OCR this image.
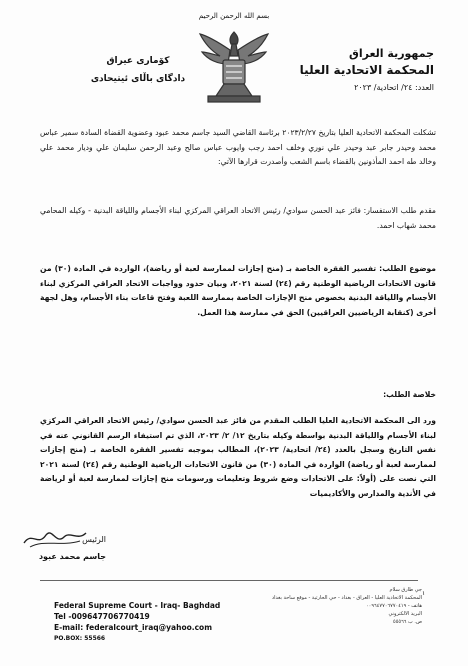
بسم الله الرحمن الرحيم
جمهورية العراق
المحكمة الاتحادية العليا
العدد: ٢٤/ اتحادية/ ٢٠٢٣
كۆماری عیراق
دادگای باڵای ئیتیحادی
تشكلت المحكمة الاتحادية العليا بتاريخ ٢٠٢٣/٢/٢٧ برئاسة القاضي السيد جاسم محمد عبود وعضوية القضاة السادة سمير عباس محمد وحيدر جابر عبد وحيدر علي نوري وخلف احمد رجب وايوب عباس صالح وعبد الرحمن سليمان علي وديار محمد علي وخالد طه احمد المأذونين بالقضاء باسم الشعب وأصدرت قرارها الآتي:
مقدم طلب الاستفسار: فائز عبد الحسن سوادي/ رئيس الاتحاد العراقي المركزي لبناء الأجسام واللياقة البدنية - وكيله المحامي محمد شهاب احمد.
موضوع الطلب: تفسير الفقرة الخاصة بـ (منح إجازات لممارسة لعبة أو رياضة)، الواردة في المادة (٣٠) من قانون الاتحادات الرياضية الوطنية رقم (٢٤) لسنة ٢٠٢١، وبيان حدود وواجبات الاتحاد العراقي المركزي لبناء الأجسام واللياقة البدنية بخصوص منح الإجازات الخاصة بممارسة اللعبة وفتح قاعات بناء الأجسام، وهل لجهة أخرى (كنقابة الرياضيين العراقيين) الحق في ممارسة هذا العمل.
خلاصة الطلب:
ورد الى المحكمة الاتحادية العليا الطلب المقدم من فائز عبد الحسن سوادي/ رئيس الاتحاد العراقي المركزي لبناء الأجسام واللياقة البدنية بواسطة وكيله بتاريخ ١٢/ ٢/ ٢٠٢٣، الذي تم استيفاء الرسم القانوني عنه في نفس التاريخ وسجل بالعدد (٢٤/ اتحادية/ ٢٠٢٣)، المطالب بموجبه تفسير الفقرة الخاصة بـ (منح إجازات لممارسة لعبة أو رياضة) الواردة في المادة (٣٠) من قانون الاتحادات الرياضية الوطنية رقم (٢٤) لسنة ٢٠٢١ التي نصت على (أولاً: على الاتحادات وضع شروط وتعليمات ورسومات منح إجازات لممارسة لعبة أو لرياضة في الأندية والمدارس والأكاديميات
الرئيس
جاسم محمد عبود
Federal Supreme Court - Iraq- Baghdad
Tel -009647706770419
E-mail: federalcourt_iraq@yahoo.com
PO.BOX: 55566
جي طارق سلام
المحكمة الاتحادية العليا - العراق - بغداد - حي الحارثية - موقع ساحة بغداد
هاتف - ٠٠٩٦٤٧٧٠٦٧٧٠٤١٩
البريد الالكتروني
ص. ب ٥٥٥٦٦
١
